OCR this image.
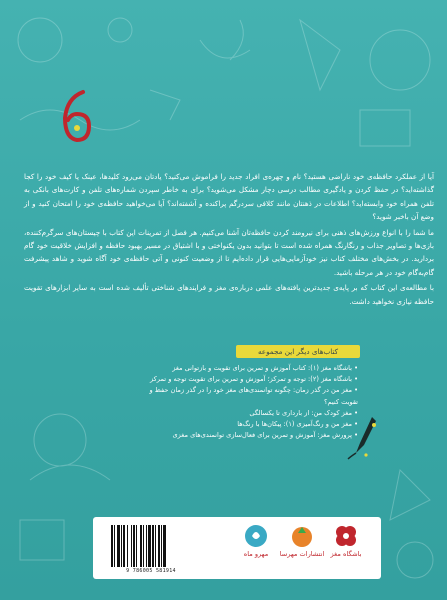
آیا از عملکرد حافظه‌ی خود ناراضی هستید؟ نام و چهره‌ی افراد جدید را فراموش می‌کنید؟ یادتان می‌رود کلیدها، عینک یا کیف خود را کجا گذاشته‌اید؟ در حفظ کردن و یادگیری مطالب درسی دچار مشکل می‌شوید؟ برای به خاطر سپردن شماره‌های تلفن و کارت‌های بانکی به تلفن همراه خود وابسته‌اید؟ اطلاعات در ذهنتان مانند کلافی سردرگم پراکنده و آشفته‌اند؟ آیا می‌خواهید حافظه‌ی خود را امتحان کنید و از وضع آن باخبر شوید؟

ما شما را با انواع ورزش‌های ذهنی برای نیرومند کردن حافظه‌تان آشنا می‌کنیم. هر فصل از تمرینات این کتاب با چیستان‌های سرگرم‌کننده، بازی‌ها و تصاویر جذاب و رنگارنگ همراه شده است تا بتوانید بدون یکنواختی و با اشتیاق در مسیر بهبود حافظه و افزایش خلاقیت خود گام بردارید. در بخش‌های مختلف کتاب نیز خودآزمایی‌هایی قرار داده‌ایم تا از وضعیت کنونی و آتی حافظه‌ی خود آگاه شوید و شاهد پیشرفت گام‌به‌گام خود در هر مرحله باشید.

با مطالعه‌ی این کتاب که بر پایه‌ی جدیدترین یافته‌های علمی درباره‌ی مغز و فرایندهای شناختی تألیف شده است به سایر ابزارهای تقویت حافظه نیازی نخواهید داشت.

کتاب‌های دیگر این مجموعه
• باشگاه مغز (۱): کتاب آموزش و تمرین برای تقویت و بازتوانی مغز
• باشگاه مغز (۲): توجه و تمرکز؛ آموزش و تمرین برای تقویت توجه و تمرکز
• مغز من در گذر زمان: چگونه توانمندی‌های مغز خود را در گذر زمان حفظ و تقویت کنیم؟
• مغز کودک من: از بارداری تا یکسالگی
• مغز من و رنگ‌آمیزی (۱): پیکان‌ها با رنگ‌ها
• پرورش مغز: آموزش و تمرین برای فعال‌سازی توانمندی‌های مغزی
9 786005 581914
مهرو ماه	انتشارات مهرسا باشگاه مغز
